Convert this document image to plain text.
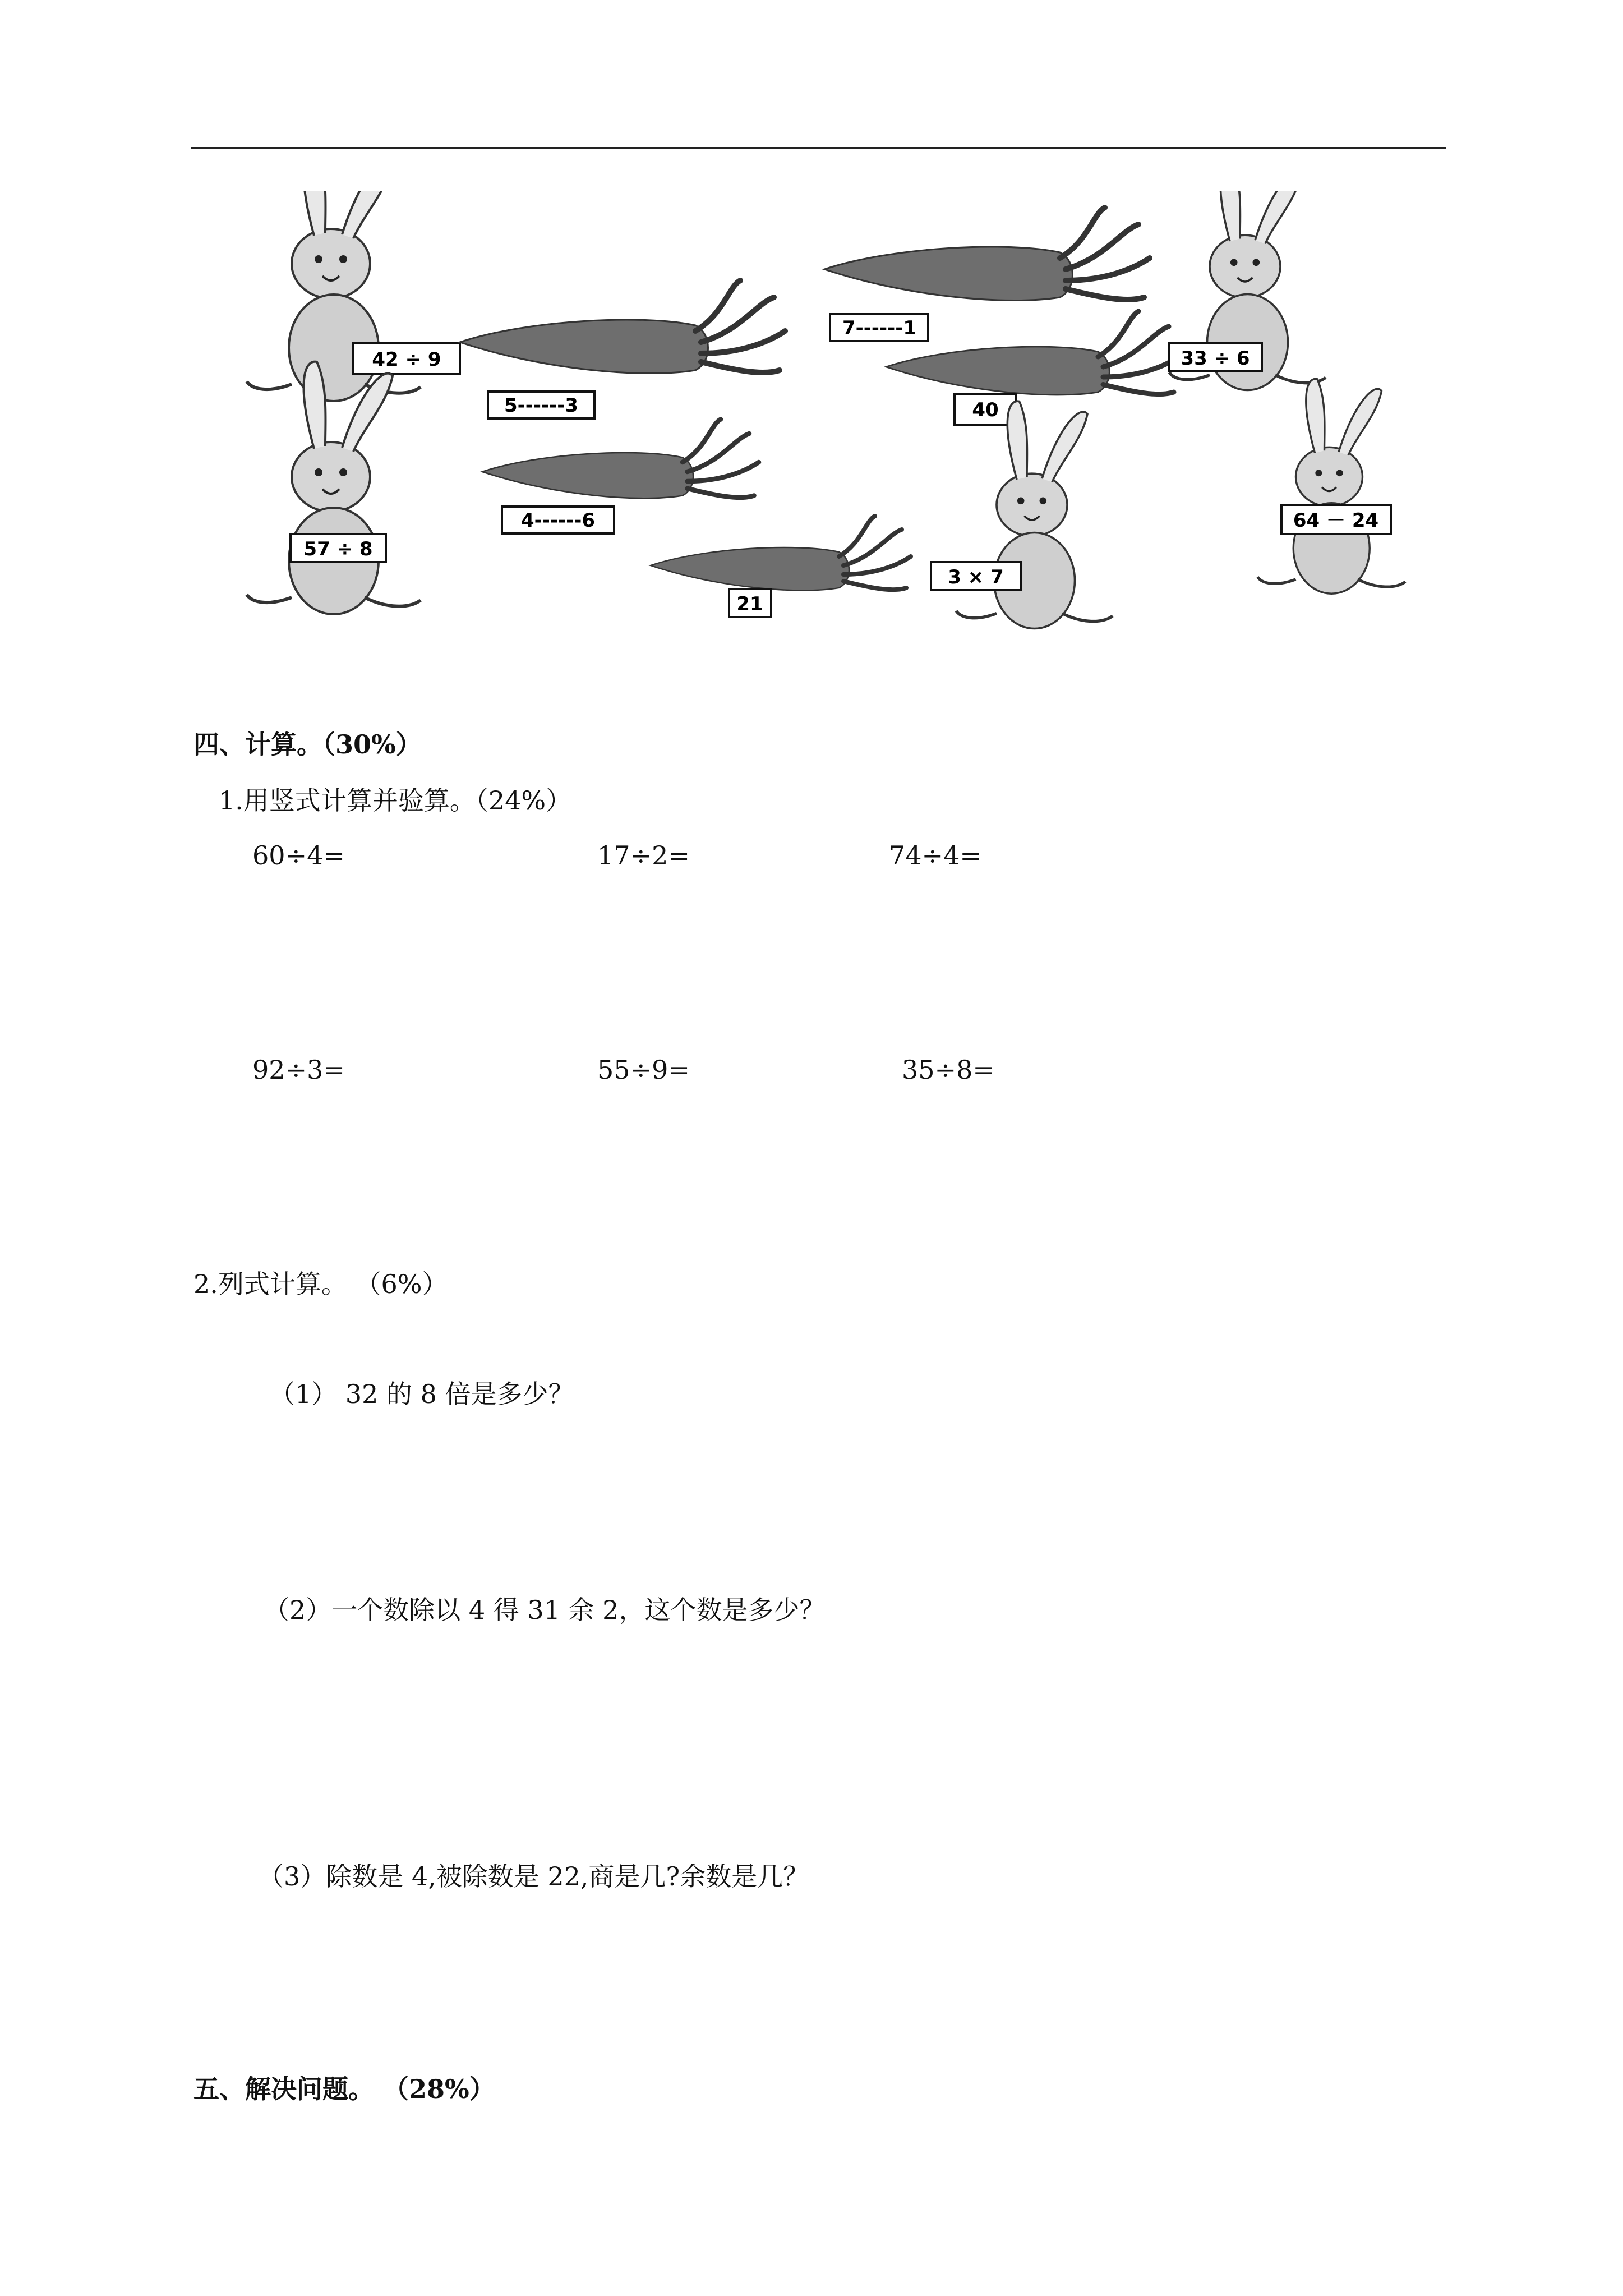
42 ÷ 9
5------3
7------1
40
33 ÷ 6
57 ÷ 8
4------6
21
3 × 7
64 － 24
四、计算。（30%）
1.用竖式计算并验算。（24%）
60÷4=	17÷2=	74÷4=
92÷3=	55÷9=	35÷8=
2.列式计算。 （6%）
（1） 32 的 8 倍是多少？
（2）一个数除以 4 得 31 余 2，这个数是多少？
（3）除数是 4,被除数是 22,商是几?余数是几？
五、解决问题。 （28%）
